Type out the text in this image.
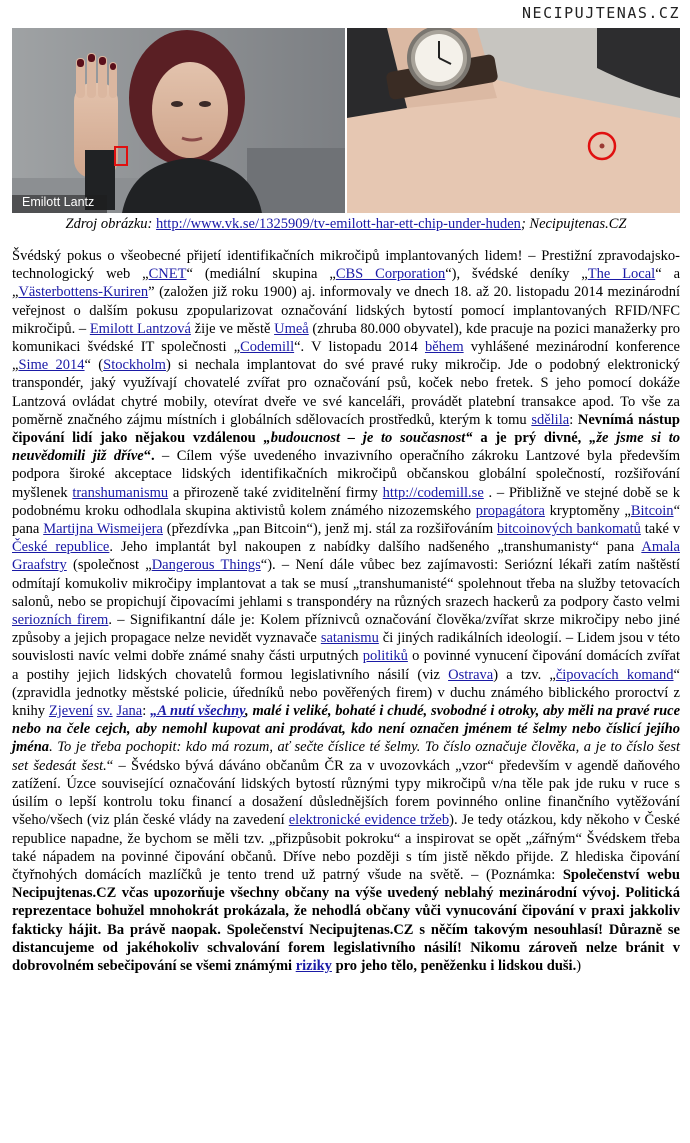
NECIPUJTENAS.CZ
Emilott Lantz
Zdroj obrázku: http://www.vk.se/1325909/tv-emilott-har-ett-chip-under-huden; Necipujtenas.CZ
Švédský pokus o všeobecné přijetí identifikačních mikročipů implantovaných lidem! – Prestižní zpravodajsko-technologický web „CNET“ (mediální skupina „CBS Corporation“), švédské deníky „The Local“ a „Västerbottens-Kuriren” (založen již roku 1900) aj. informovaly ve dnech 18. až 20. listopadu 2014 mezinárodní veřejnost o dalším pokusu zpopularizovat označování lidských bytostí pomocí implantovaných RFID/NFC mikročipů. – Emilott Lantzová žije ve městě Umeå (zhruba 80.000 obyvatel), kde pracuje na pozici manažerky pro komunikaci švédské IT společnosti „Codemill“. V listopadu 2014 během vyhlášené mezinárodní konference „Sime 2014“ (Stockholm) si nechala implantovat do své pravé ruky mikročip. Jde o podobný elektronický transpondér, jaký využívají chovatelé zvířat pro označování psů, koček nebo fretek. S jeho pomocí dokáže Lantzová ovládat chytré mobily, otevírat dveře ve své kanceláři, provádět platební transakce apod. To vše za poměrně značného zájmu místních i globálních sdělovacích prostředků, kterým k tomu sdělila: Nevnímá nástup čipování lidí jako nějakou vzdálenou „budoucnost – je to současnost“ a je prý divné, „že jsme si to neuvědomili již dříve“. – Cílem výše uvedeného invazivního operačního zákroku Lantzové byla především podpora široké akceptace lidských identifikačních mikročipů občanskou globální společností, rozšiřování myšlenek transhumanismu a přirozeně také zviditelnění firmy http://codemill.se . – Přibližně ve stejné době se k podobnému kroku odhodlala skupina aktivistů kolem známého nizozemského propagátora kryptoměny „Bitcoin“ pana Martijna Wismeijera (přezdívka „pan Bitcoin“), jenž mj. stál za rozšiřováním bitcoinových bankomatů také v České republice. Jeho implantát byl nakoupen z nabídky dalšího nadšeného „transhumanisty“ pana Amala Graafstry (společnost „Dangerous Things“). – Není dále vůbec bez zajímavosti: Serióznί lékaři zatím naštěstí odmítají komukoliv mikročipy implantovat a tak se musí „transhumanisté“ spolehnout třeba na služby tetovacích salonů, nebo se propichují čipovacími jehlami s transpondéry na různých srazech hackerů za podpory často velmi seriozních firem. – Signifikantní dále je: Kolem příznivců označování člověka/zvířat skrze mikročipy nebo jiné způsoby a jejich propagace nelze nevidět vyznavače satanismu či jiných radikálních ideologií. – Lidem jsou v této souvislosti navíc velmi dobře známé snahy části urputných politiků o povinné vynucení čipování domácích zvířat a postihy jejich lidských chovatelů formou legislativního násilí (viz Ostrava) a tzv. „čipovacích komand“ (zpravidla jednotky městské policie, úředníků nebo pověřených firem) v duchu známého biblického proroctví z knihy Zjevení sv. Jana: „A nutí všechny, malé i veliké, bohaté i chudé, svobodné i otroky, aby měli na pravé ruce nebo na čele cejch, aby nemohl kupovat ani prodávat, kdo není označen jménem té šelmy nebo číslicí jejího jména. To je třeba pochopit: kdo má rozum, ať sečte číslice té šelmy. To číslo označuje člověka, a je to číslo šest set šedesát šest.“ – Švédsko bývá dáváno občanům ČR za v uvozovkách „vzor“ především v agendě daňového zatížení. Úzce související označování lidských bytostí různými typy mikročipů v/na těle pak jde ruku v ruce s úsilím o lepší kontrolu toku financí a dosažení důslednějších forem povinného online finančního vytěžování všeho/všech (viz plán české vlády na zavedení elektronické evidence tržeb). Je tedy otázkou, kdy někoho v České republice napadne, že bychom se měli tzv. „přizpůsobit pokroku“ a inspirovat se opět „zářným“ Švédskem třeba také nápadem na povinné čipování občanů. Dříve nebo později s tím jistě někdo přijde. Z hlediska čipování čtyřnohých domácích mazlíčků je tento trend už patrný všude na světě. – (Poznámka: Společenství webu Necipujtenas.CZ včas upozorňuje všechny občany na výše uvedený neblahý mezinárodní vývoj. Politická reprezentace bohužel mnohokrát prokázala, že nehodlá občany vůči vynucování čipování v praxi jakkoliv fakticky hájit. Ba právě naopak. Společenství Necipujtenas.CZ s něčím takovým nesouhlasí! Důrazně se distancujeme od jakéhokoliv schvalování forem legislativního násilí! Nikomu zároveň nelze bránit v dobrovolném sebečipování se všemi známými riziky pro jeho tělo, peněženku i lidskou duši.)
